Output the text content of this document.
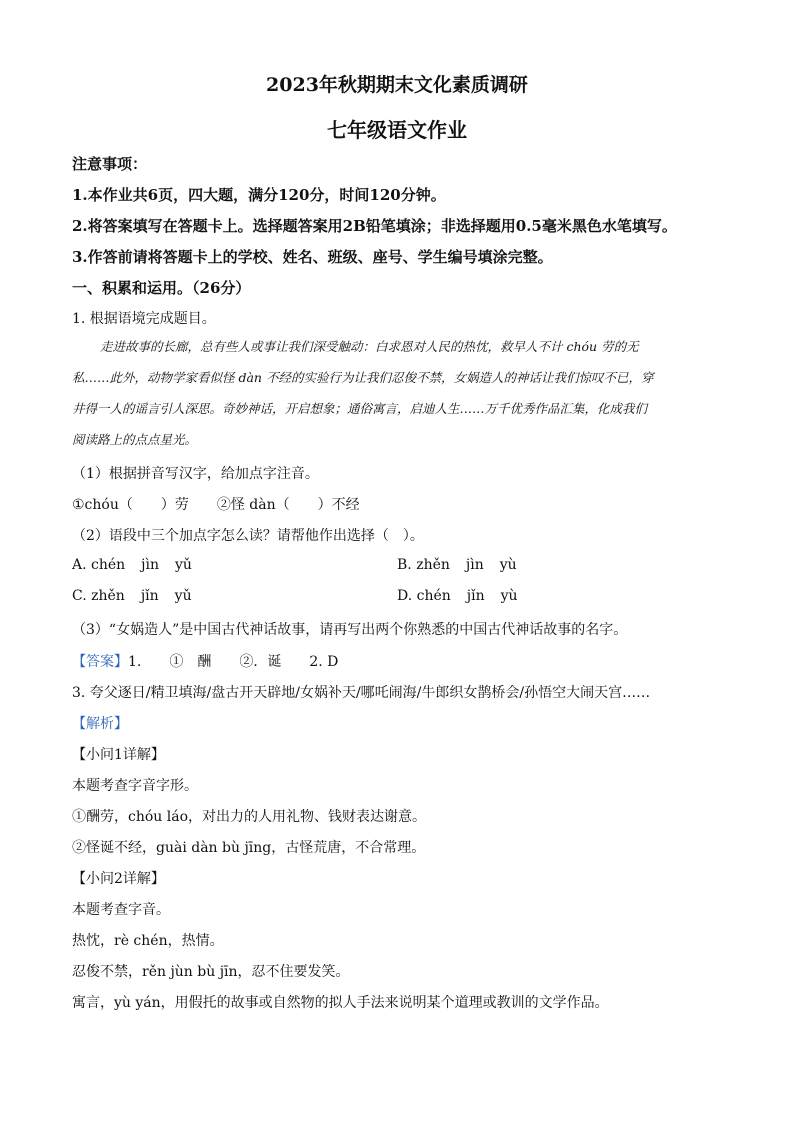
2023年秋期期末文化素质调研
七年级语文作业
注意事项：
1.本作业共6页，四大题，满分120分，时间120分钟。
2.将答案填写在答题卡上。选择题答案用2B铅笔填涂；非选择题用0.5毫米黑色水笔填写。
3.作答前请将答题卡上的学校、姓名、班级、座号、学生编号填涂完整。
一、积累和运用。（26分）
1. 根据语境完成题目。
走进故事的长廊，总有些人或事让我们深受触动：白求恩对人民的热忱，救早人不计 chóu 劳的无
私……此外，动物学家看似怪 dàn 不经的实验行为让我们忍俊不禁，女娲造人的神话让我们惊叹不已，穿
井得一人的谣言引人深思。奇妙神话，开启想象；通俗寓言，启迪人生……万千优秀作品汇集，化成我们
阅读路上的点点星光。
（1）根据拼音写汉字，给加点字注音。
①chóu（　　）劳　　②怪 dàn（　　）不经
（2）语段中三个加点字怎么读？请帮他作出选择（　）。
A. chén jìn yǔ	B. zhěn jìn yù
C. zhěn jǐn yǔ	D. chén jǐn yù
（3）“女娲造人”是中国古代神话故事，请再写出两个你熟悉的中国古代神话故事的名字。
【答案】1.　　①　酬　　②．诞　　2. D
3. 夸父逐日/精卫填海/盘古开天辟地/女娲补天/哪吒闹海/牛郎织女鹊桥会/孙悟空大闹天宫……
【解析】
【小问1详解】
本题考查字音字形。
①酬劳，chóu láo，对出力的人用礼物、钱财表达谢意。
②怪诞不经，guài dàn bù jīng，古怪荒唐，不合常理。
【小问2详解】
本题考查字音。
热忱，rè chén，热情。
忍俊不禁，rěn jùn bù jīn，忍不住要发笑。
寓言，yù yán，用假托的故事或自然物的拟人手法来说明某个道理或教训的文学作品。
